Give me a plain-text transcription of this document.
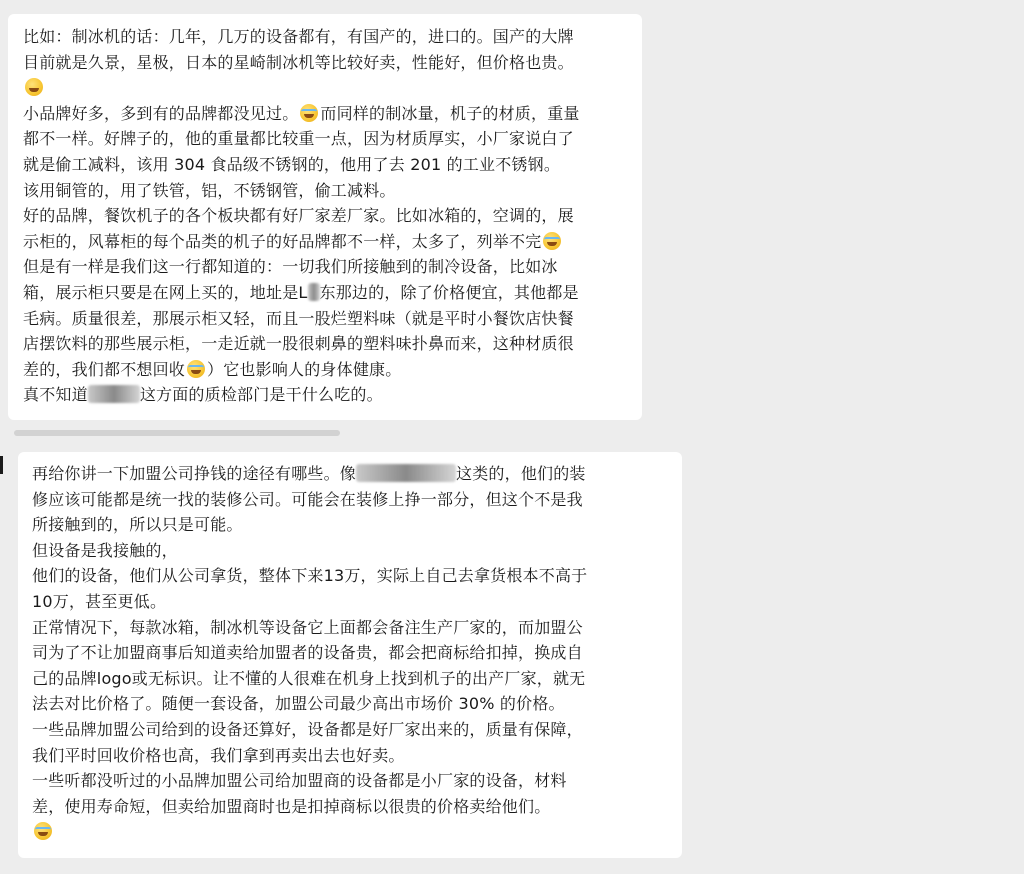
比如：制冰机的话：几年，几万的设备都有，有国产的，进口的。国产的大牌
目前就是久景，星极，日本的星崎制冰机等比较好卖，性能好，但价格也贵。
小品牌好多，多到有的品牌都没见过。 而同样的制冰量，机子的材质，重量
都不一样。好牌子的，他的重量都比较重一点，因为材质厚实，小厂家说白了
就是偷工减料，该用 304 食品级不锈钢的，他用了去 201 的工业不锈钢。
该用铜管的，用了铁管，铝，不锈钢管，偷工减料。
好的品牌，餐饮机子的各个板块都有好厂家差厂家。比如冰箱的，空调的，展
示柜的，风幕柜的每个品类的机子的好品牌都不一样，太多了，列举不完
但是有一样是我们这一行都知道的：一切我们所接触到的制冷设备，比如冰
箱，展示柜只要是在网上买的，地址是L 东那边的，除了价格便宜，其他都是
毛病。质量很差，那展示柜又轻，而且一股烂塑料味（就是平时小餐饮店快餐
店摆饮料的那些展示柜，一走近就一股很刺鼻的塑料味扑鼻而来，这种材质很
差的，我们都不想回收 ）它也影响人的身体健康。
真不知道	这方面的质检部门是干什么吃的。
再给你讲一下加盟公司挣钱的途径有哪些。像	这类的，他们的装
修应该可能都是统一找的装修公司。可能会在装修上挣一部分，但这个不是我
所接触到的，所以只是可能。
但设备是我接触的，
他们的设备，他们从公司拿货，整体下来13万，实际上自己去拿货根本不高于
10万，甚至更低。
正常情况下，每款冰箱，制冰机等设备它上面都会备注生产厂家的，而加盟公
司为了不让加盟商事后知道卖给加盟者的设备贵，都会把商标给扣掉，换成自
己的品牌logo或无标识。让不懂的人很难在机身上找到机子的出产厂家，就无
法去对比价格了。随便一套设备，加盟公司最少高出市场价 30% 的价格。
一些品牌加盟公司给到的设备还算好，设备都是好厂家出来的，质量有保障，
我们平时回收价格也高，我们拿到再卖出去也好卖。
一些听都没听过的小品牌加盟公司给加盟商的设备都是小厂家的设备，材料
差，使用寿命短，但卖给加盟商时也是扣掉商标以很贵的价格卖给他们。
